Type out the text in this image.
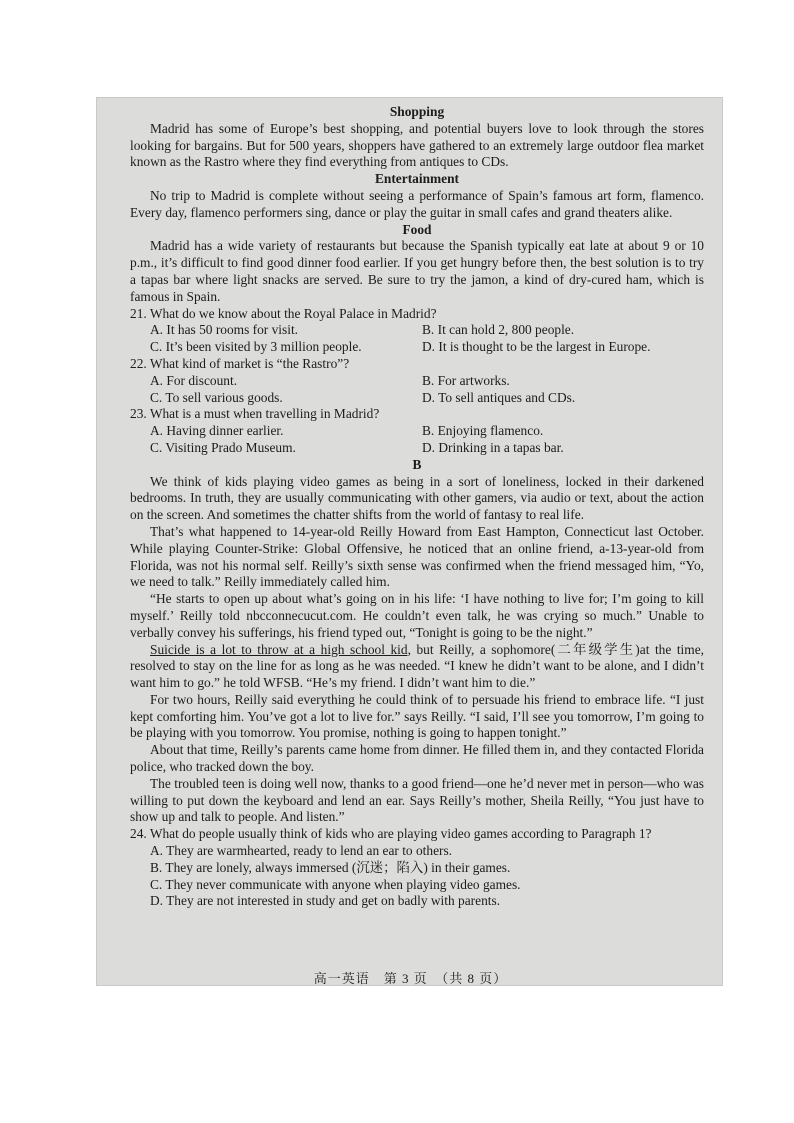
Shopping

Madrid has some of Europe’s best shopping, and potential buyers love to look through the stores looking for bargains. But for 500 years, shoppers have gathered to an extremely large outdoor flea market known as the Rastro where they find everything from antiques to CDs.

Entertainment

No trip to Madrid is complete without seeing a performance of Spain’s famous art form, flamenco. Every day, flamenco performers sing, dance or play the guitar in small cafes and grand theaters alike.

Food

Madrid has a wide variety of restaurants but because the Spanish typically eat late at about 9 or 10 p.m., it’s difficult to find good dinner food earlier. If you get hungry before then, the best solution is to try a tapas bar where light snacks are served. Be sure to try the jamon, a kind of dry-cured ham, which is famous in Spain.

21. What do we know about the Royal Palace in Madrid?

A. It has 50 rooms for visit.	B. It can hold 2, 800 people.
C. It’s been visited by 3 million people.	D. It is thought to be the largest in Europe.

22. What kind of market is “the Rastro”?

A. For discount.	B. For artworks.
C. To sell various goods.	D. To sell antiques and CDs.

23. What is a must when travelling in Madrid?

A. Having dinner earlier.	B. Enjoying flamenco.
C. Visiting Prado Museum.	D. Drinking in a tapas bar.

B

We think of kids playing video games as being in a sort of loneliness, locked in their darkened bedrooms. In truth, they are usually communicating with other gamers, via audio or text, about the action on the screen. And sometimes the chatter shifts from the world of fantasy to real life.

That’s what happened to 14-year-old Reilly Howard from East Hampton, Connecticut last October. While playing Counter-Strike: Global Offensive, he noticed that an online friend, a-13-year-old from Florida, was not his normal self. Reilly’s sixth sense was confirmed when the friend messaged him, “Yo, we need to talk.” Reilly immediately called him.

“He starts to open up about what’s going on in his life: ‘I have nothing to live for; I’m going to kill myself.’ Reilly told nbcconnecucut.com. He couldn’t even talk, he was crying so much.” Unable to verbally convey his sufferings, his friend typed out, “Tonight is going to be the night.”

Suicide is a lot to throw at a high school kid, but Reilly, a sophomore(二年级学生)at the time, resolved to stay on the line for as long as he was needed. “I knew he didn’t want to be alone, and I didn’t want him to go.” he told WFSB. “He’s my friend. I didn’t want him to die.”

For two hours, Reilly said everything he could think of to persuade his friend to embrace life. “I just kept comforting him. You’ve got a lot to live for.” says Reilly. “I said, I’ll see you tomorrow, I’m going to be playing with you tomorrow. You promise, nothing is going to happen tonight.”

About that time, Reilly’s parents came home from dinner. He filled them in, and they contacted Florida police, who tracked down the boy.

The troubled teen is doing well now, thanks to a good friend—one he’d never met in person—who was willing to put down the keyboard and lend an ear. Says Reilly’s mother, Sheila Reilly, “You just have to show up and talk to people. And listen.”

24. What do people usually think of kids who are playing video games according to Paragraph 1?

A. They are warmhearted, ready to lend an ear to others.
B. They are lonely, always immersed (沉迷；陷入) in their games.
C. They never communicate with anyone when playing video games.
D. They are not interested in study and get on badly with parents.
高一英语　第 3 页　（共 8 页）
